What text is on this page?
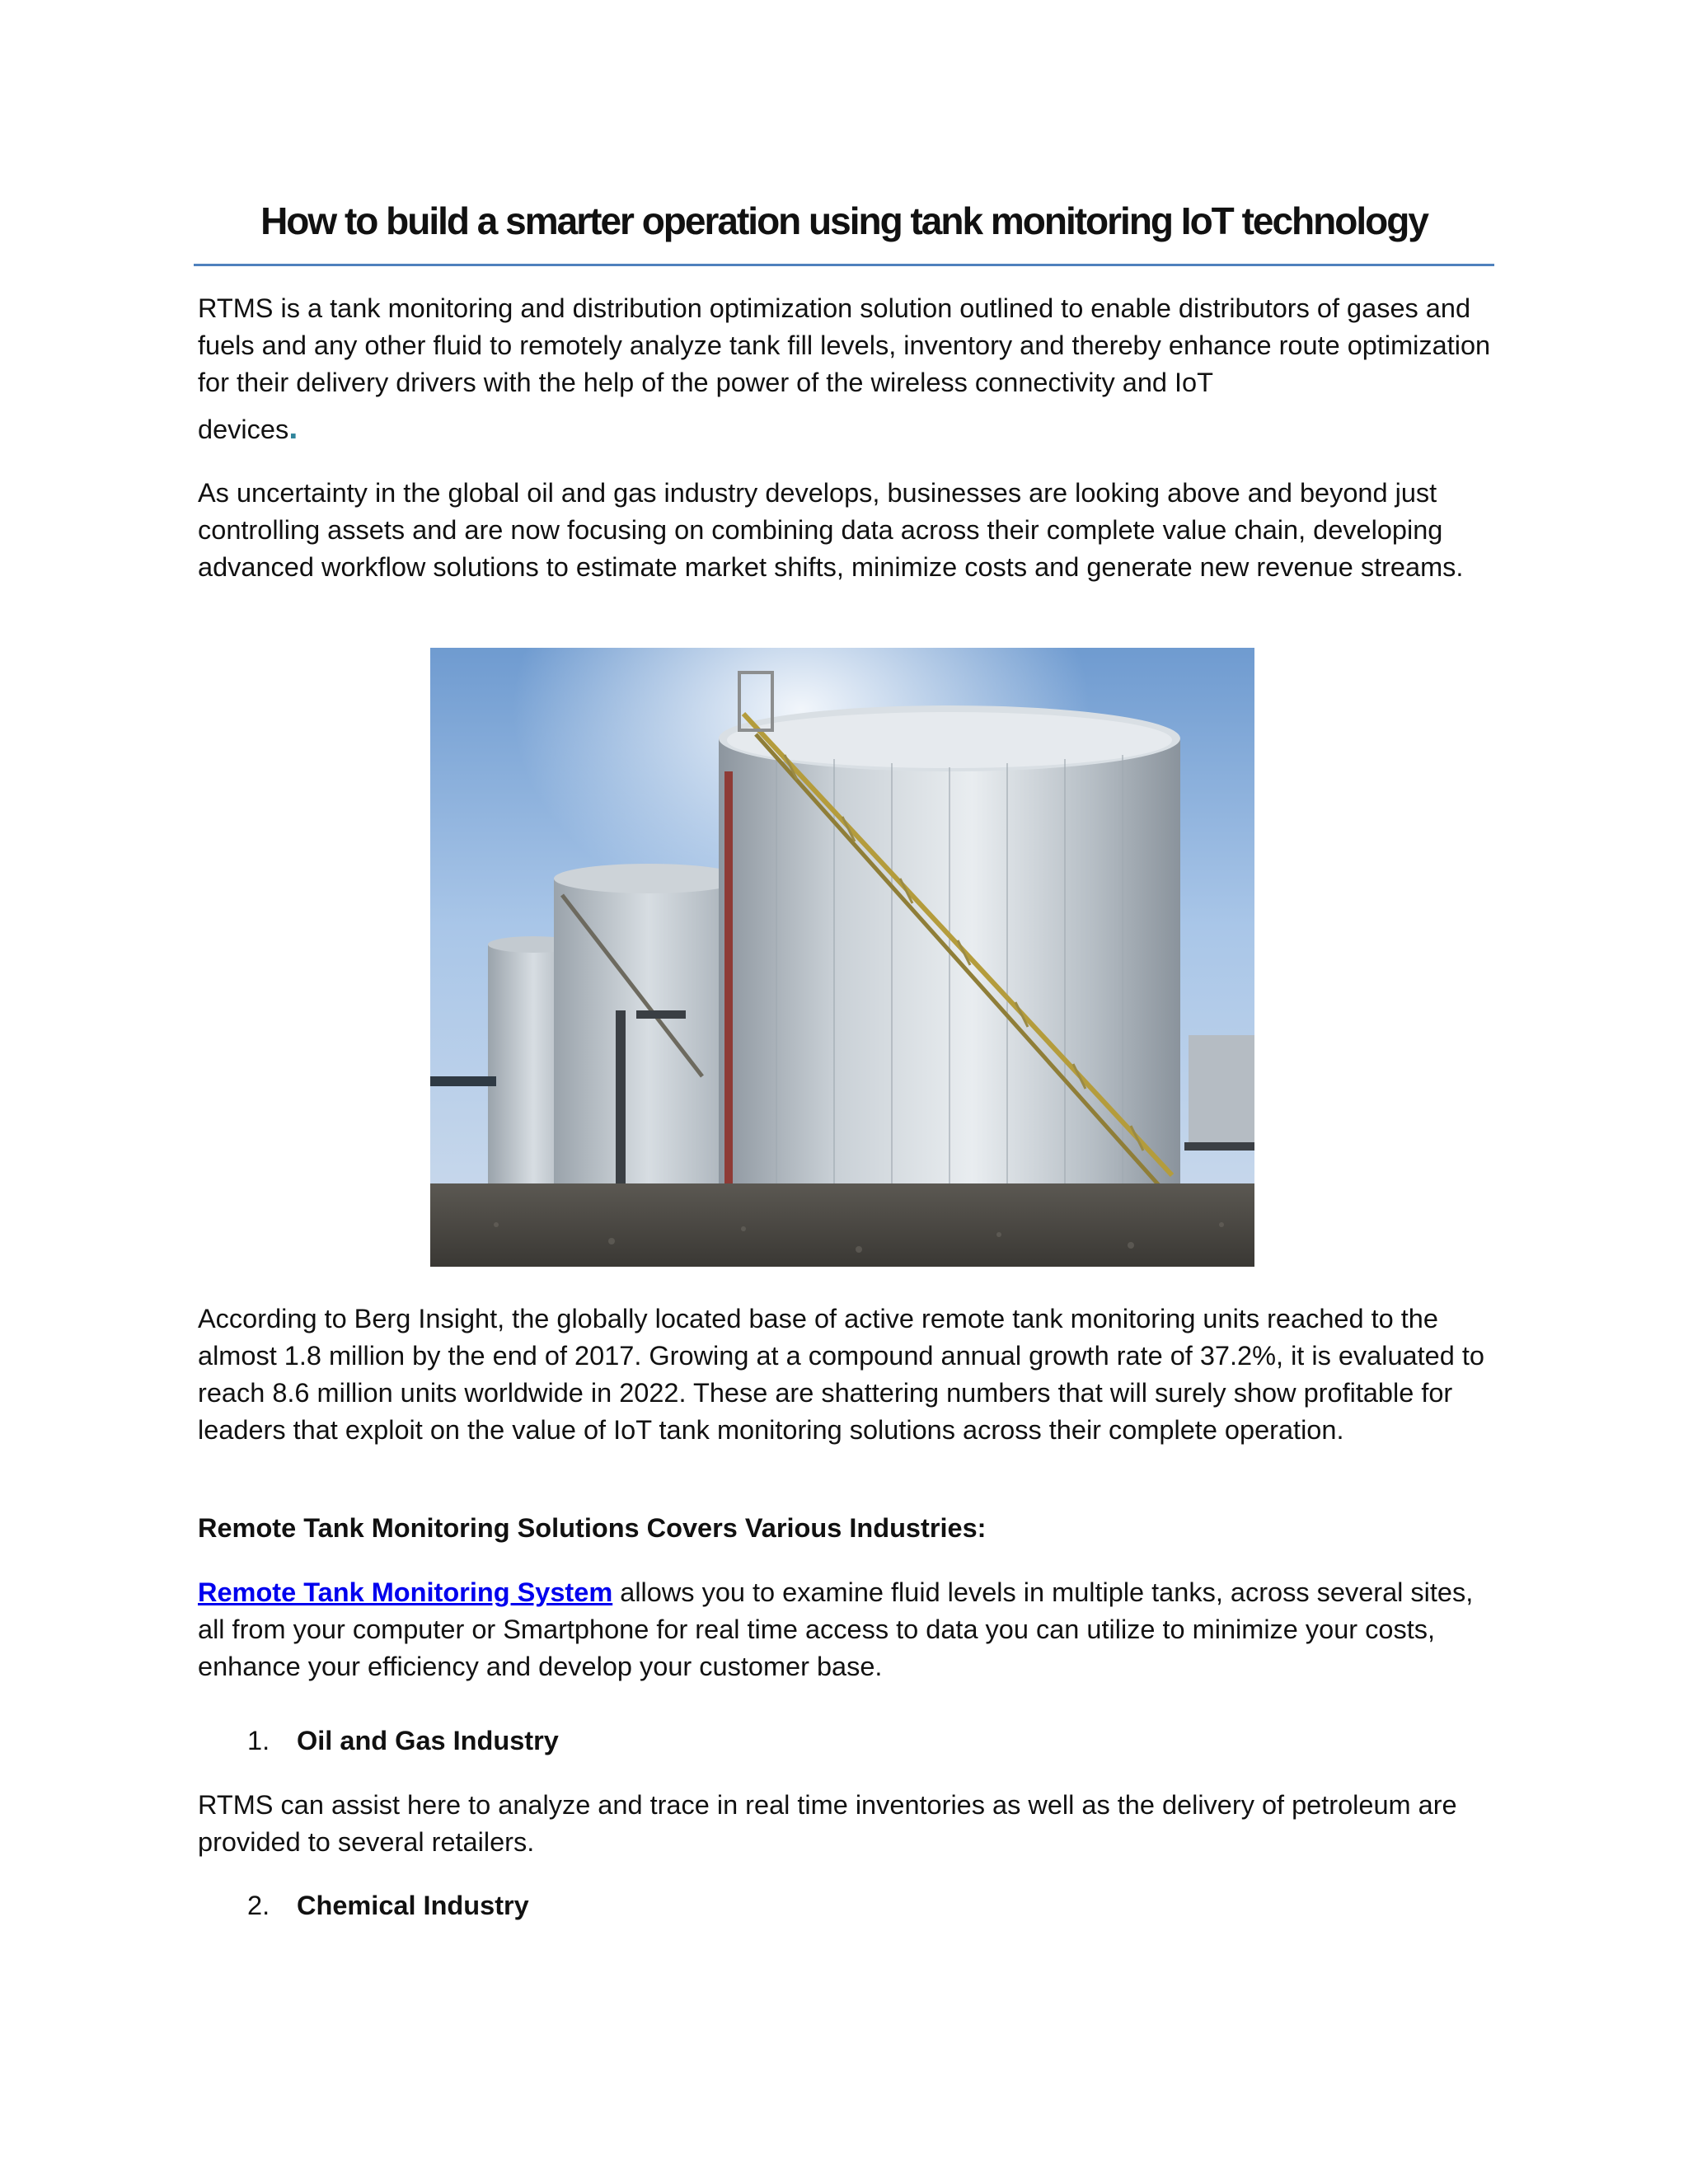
How to build a smarter operation using tank monitoring IoT technology

RTMS is a tank monitoring and distribution optimization solution outlined to enable distributors of gases and fuels and any other fluid to remotely analyze tank fill levels, inventory and thereby enhance route optimization for their delivery drivers with the help of the power of the wireless connectivity and IoT
devices.

As uncertainty in the global oil and gas industry develops, businesses are looking above and beyond just controlling assets and are now focusing on combining data across their complete value chain, developing advanced workflow solutions to estimate market shifts, minimize costs and generate new revenue streams.

According to Berg Insight, the globally located base of active remote tank monitoring units reached to the almost 1.8 million by the end of 2017. Growing at a compound annual growth rate of 37.2%, it is evaluated to reach 8.6 million units worldwide in 2022. These are shattering numbers that will surely show profitable for leaders that exploit on the value of IoT tank monitoring solutions across their complete operation.

Remote Tank Monitoring Solutions Covers Various Industries:

Remote Tank Monitoring System allows you to examine fluid levels in multiple tanks, across several sites, all from your computer or Smartphone for real time access to data you can utilize to minimize your costs, enhance your efficiency and develop your customer base.

1. Oil and Gas Industry

RTMS can assist here to analyze and trace in real time inventories as well as the delivery of petroleum are provided to several retailers.

2. Chemical Industry
